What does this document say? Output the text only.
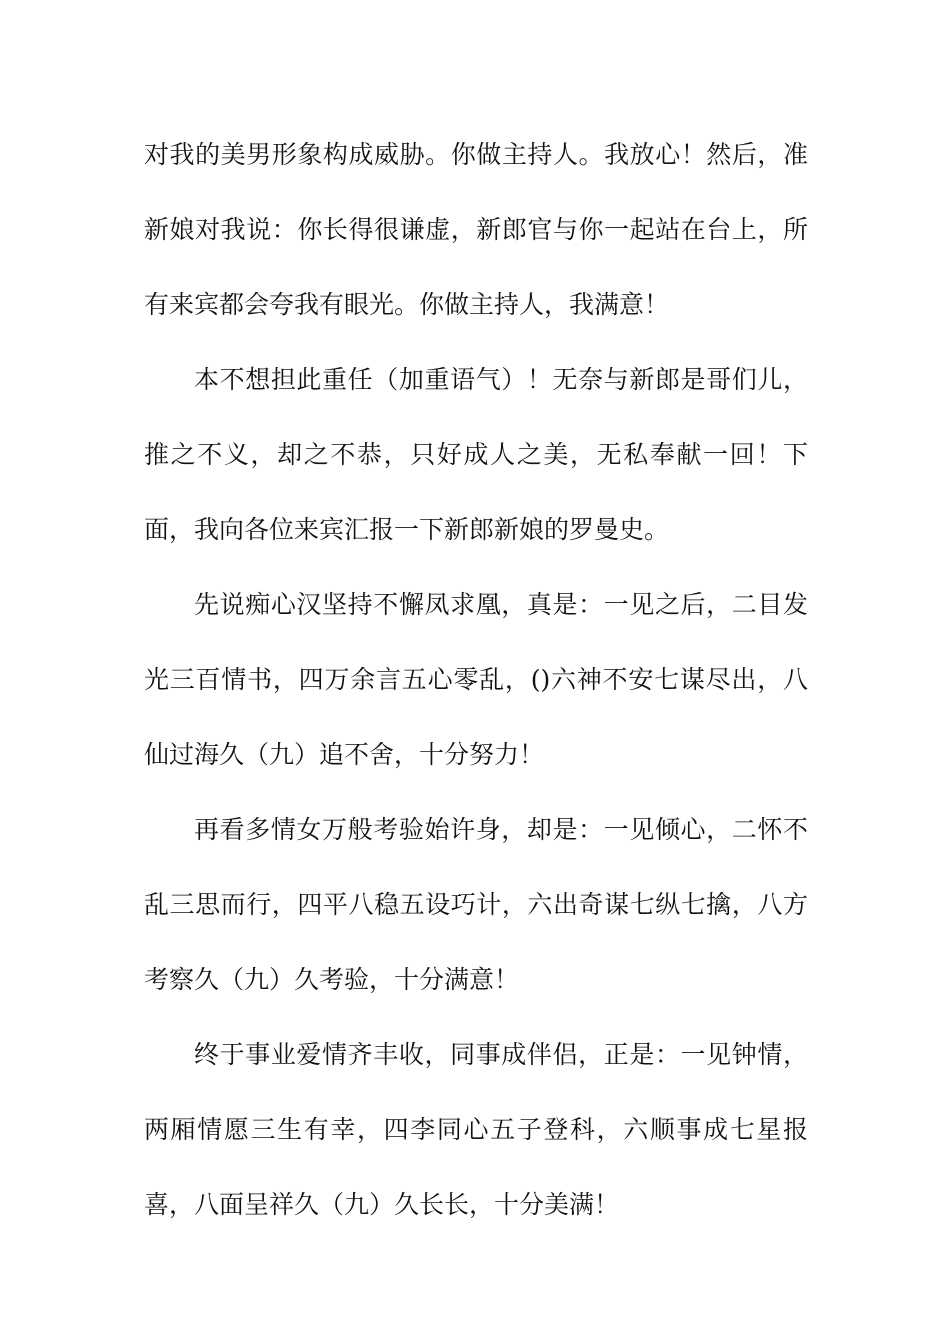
对我的美男形象构成威胁。你做主持人。我放心！然后，准新娘对我说：你长得很谦虚，新郎官与你一起站在台上，所有来宾都会夸我有眼光。你做主持人，我满意！

本不想担此重任（加重语气）！无奈与新郎是哥们儿，推之不义，却之不恭，只好成人之美，无私奉献一回！下面，我向各位来宾汇报一下新郎新娘的罗曼史。

先说痴心汉坚持不懈凤求凰，真是：一见之后，二目发光三百情书，四万余言五心零乱，()六神不安七谋尽出，八仙过海久（九）追不舍，十分努力！

再看多情女万般考验始许身，却是：一见倾心，二怀不乱三思而行，四平八稳五设巧计，六出奇谋七纵七擒，八方考察久（九）久考验，十分满意！

终于事业爱情齐丰收，同事成伴侣，正是：一见钟情，两厢情愿三生有幸，四李同心五子登科，六顺事成七星报喜，八面呈祥久（九）久长长，十分美满！
